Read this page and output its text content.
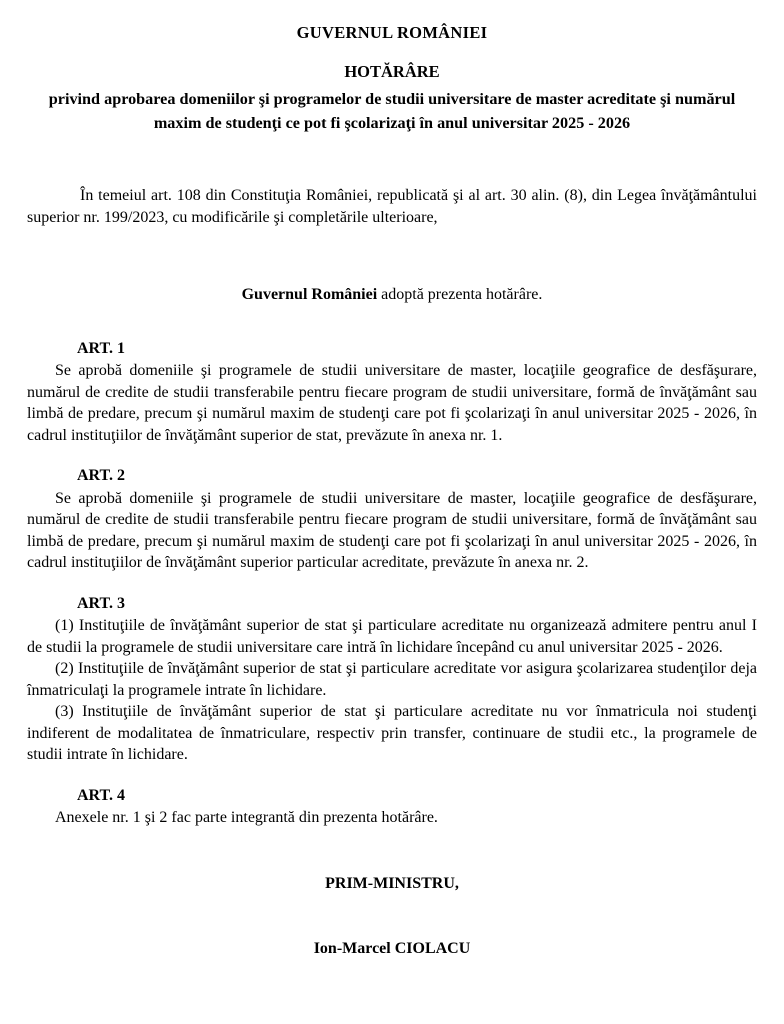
GUVERNUL ROMÂNIEI
HOTĂRÂRE
privind aprobarea domeniilor şi programelor de studii universitare de master acreditate şi numărul maxim de studenţi ce pot fi şcolarizaţi în anul universitar 2025 - 2026

În temeiul art. 108 din Constituţia României, republicată şi al art. 30 alin. (8), din Legea învăţământului superior nr. 199/2023, cu modificările şi completările ulterioare,

Guvernul României adoptă prezenta hotărâre.
ART. 1

Se aprobă domeniile şi programele de studii universitare de master, locaţiile geografice de desfăşurare, numărul de credite de studii transferabile pentru fiecare program de studii universitare, formă de învăţământ sau limbă de predare, precum şi numărul maxim de studenţi care pot fi şcolarizaţi în anul universitar 2025 - 2026, în cadrul instituţiilor de învăţământ superior de stat, prevăzute în anexa nr. 1.

ART. 2

Se aprobă domeniile şi programele de studii universitare de master, locaţiile geografice de desfăşurare, numărul de credite de studii transferabile pentru fiecare program de studii universitare, formă de învăţământ sau limbă de predare, precum şi numărul maxim de studenţi care pot fi şcolarizaţi în anul universitar 2025 - 2026, în cadrul instituţiilor de învăţământ superior particular acreditate, prevăzute în anexa nr. 2.

ART. 3

(1) Instituţiile de învăţământ superior de stat şi particulare acreditate nu organizează admitere pentru anul I de studii la programele de studii universitare care intră în lichidare începând cu anul universitar 2025 - 2026.

(2) Instituţiile de învăţământ superior de stat şi particulare acreditate vor asigura şcolarizarea studenţilor deja înmatriculaţi la programele intrate în lichidare.

(3) Instituţiile de învăţământ superior de stat şi particulare acreditate nu vor înmatricula noi studenţi indiferent de modalitatea de înmatriculare, respectiv prin transfer, continuare de studii etc., la programele de studii intrate în lichidare.

ART. 4

Anexele nr. 1 şi 2 fac parte integrantă din prezenta hotărâre.

PRIM-MINISTRU,
Ion-Marcel CIOLACU
